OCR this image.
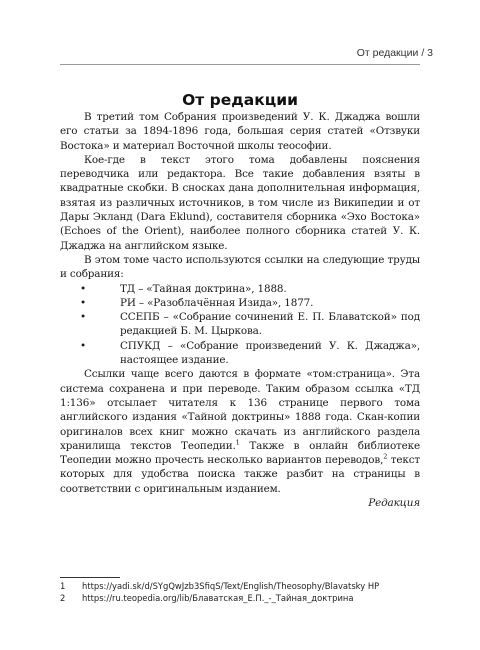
От редакции / 3
От редакции

В третий том Собрания произведений У. К. Джаджа вошли его статьи за 1894-1896 года, большая серия статей «Отзвуки Востока» и материал Восточной школы теософии.

Кое-где в текст этого тома добавлены пояснения переводчика или редактора. Все такие добавления взяты в квадратные скобки. В сносках дана дополнительная информация, взятая из различных источников, в том числе из Википедии и от Дары Экланд (Dara Eklund), составителя сборника «Эхо Востока» (Echoes of the Orient), наиболее полного сборника статей У. К. Джаджа на английском языке.

В этом томе часто используются ссылки на следующие труды и собрания:

•	ТД – «Тайная доктрина», 1888.
•	РИ – «Разоблачённая Изида», 1877.
•	ССЕПБ – «Собрание сочинений Е. П. Блаватской» под редакцией Б. М. Цыркова.
•	СПУКД – «Собрание произведений У. К. Джаджа», настоящее издание.

Ссылки чаще всего даются в формате «том:страница». Эта система сохранена и при переводе. Таким образом ссылка «ТД 1:136» отсылает читателя к 136 странице первого тома английского издания «Тайной доктрины» 1888 года. Скан-копии оригиналов всех книг можно скачать из английского раздела хранилища текстов Теопедии.$^1$ Также в онлайн библиотеке Теопедии можно прочесть несколько вариантов переводов,$^2$ текст которых для удобства поиска также разбит на страницы в соответствии с оригинальным изданием.

Редакция
1 https://yadi.sk/d/SYgQwJzb3SfiqS/Text/English/Theosophy/Blavatsky HP
2 https://ru.teopedia.org/lib/Блаватская_Е.П._-_Тайная_доктрина
